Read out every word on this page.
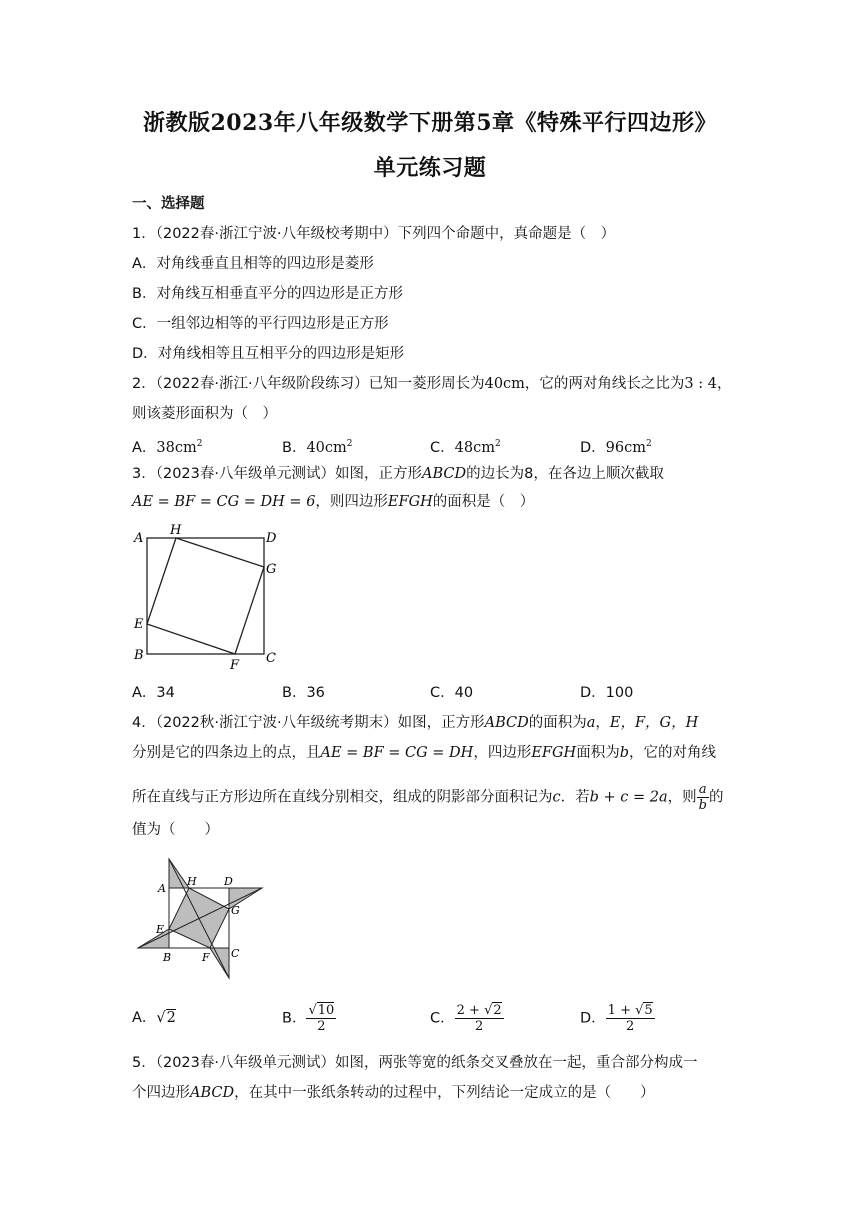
浙教版2023年八年级数学下册第5章《特殊平行四边形》
单元练习题
一、选择题
1．（2022春·浙江宁波·八年级校考期中）下列四个命题中，真命题是（　）
A．对角线垂直且相等的四边形是菱形
B．对角线互相垂直平分的四边形是正方形
C．一组邻边相等的平行四边形是正方形
D．对角线相等且互相平分的四边形是矩形
2．（2022春·浙江·八年级阶段练习）已知一菱形周长为40cm，它的两对角线长之比为3 : 4，
则该菱形面积为（　）
A．$38cm^2$	B．$40cm^2$	C．$48cm^2$	D．$96cm^2$
3．（2023春·八年级单元测试）如图，正方形ABCD的边长为8，在各边上顺次截取
AE = BF = CG = DH = 6，则四边形EFGH的面积是（　）
A
H
D
G
E
B
F C
A．34	B．36	C．40	D．100
4．（2022秋·浙江宁波·八年级统考期末）如图，正方形ABCD的面积为a，E，F，G，H
分别是它的四条边上的点，且AE = BF = CG = DH，四边形EFGH面积为b，它的对角线
所在直线与正方形边所在直线分别相交，组成的阴影部分面积记为c．若b + c = 2a，则 $\frac{a}{b}$ 的
值为（　　）
A
H D
G
E
B	F C
A．√2	B． $\frac{√10}{2}$	C． $\frac{2 + √2}{2}$	D． $\frac{1 + √5}{2}$
5．（2023春·八年级单元测试）如图，两张等宽的纸条交叉叠放在一起，重合部分构成一
个四边形ABCD，在其中一张纸条转动的过程中，下列结论一定成立的是（　　）
